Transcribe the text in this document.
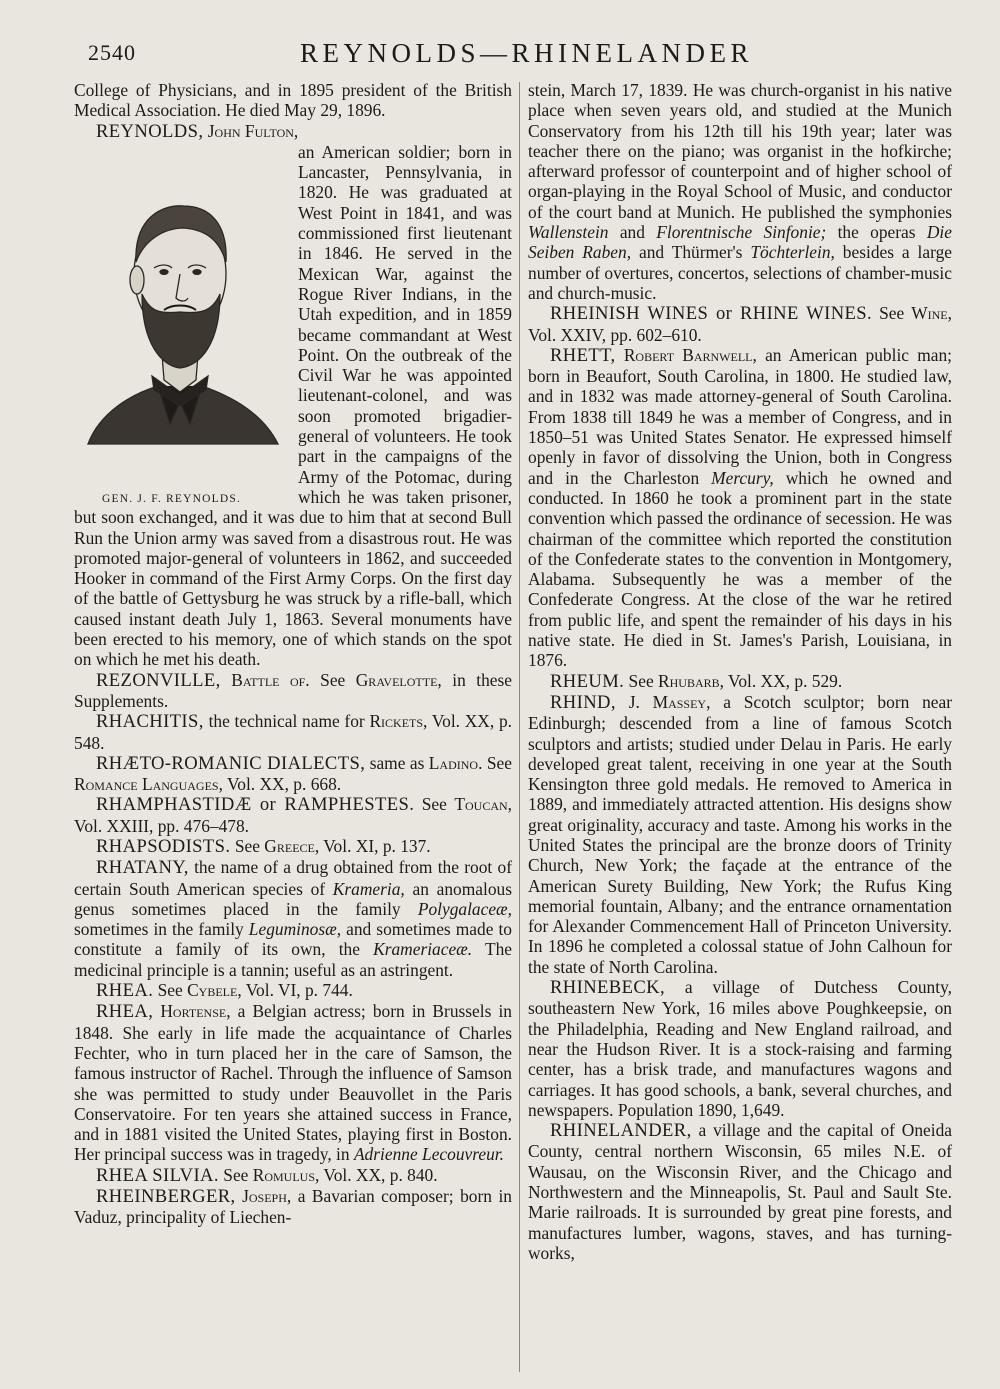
2540	REYNOLDS—RHINELANDER

College of Physicians, and in 1895 president of the British Medical Association. He died May 29, 1896.

REYNOLDS, John Fulton,

GEN. J. F. REYNOLDS.
an American soldier; born in Lancaster, Pennsylvania, in 1820. He was graduated at West Point in 1841, and was commissioned first lieutenant in 1846. He served in the Mexican War, against the Rogue River Indians, in the Utah expedition, and in 1859 became commandant at West Point. On the outbreak of the Civil War he was appointed lieutenant-colonel, and was soon promoted brigadier-general of volunteers. He took part in the campaigns of the Army of the Potomac, during which he was taken prisoner, but soon exchanged, and it was due to him that at second Bull Run the Union army was saved from a disastrous rout. He was promoted major-general of volunteers in 1862, and succeeded Hooker in command of the First Army Corps. On the first day of the battle of Gettysburg he was struck by a rifle-ball, which caused instant death July 1, 1863. Several monuments have been erected to his memory, one of which stands on the spot on which he met his death.

REZONVILLE, Battle of. See Gravelotte, in these Supplements.

RHACHITIS, the technical name for Rickets, Vol. XX, p. 548.

RHÆTO-ROMANIC DIALECTS, same as Ladino. See Romance Languages, Vol. XX, p. 668.

RHAMPHASTIDÆ or RAMPHESTES. See Toucan, Vol. XXIII, pp. 476–478.

RHAPSODISTS. See Greece, Vol. XI, p. 137.

RHATANY, the name of a drug obtained from the root of certain South American species of Krameria, an anomalous genus sometimes placed in the family Polygalaceæ, sometimes in the family Leguminosæ, and sometimes made to constitute a family of its own, the Krameriaceæ. The medicinal principle is a tannin; useful as an astringent.

RHEA. See Cybele, Vol. VI, p. 744.

RHEA, Hortense, a Belgian actress; born in Brussels in 1848. She early in life made the acquaintance of Charles Fechter, who in turn placed her in the care of Samson, the famous instructor of Rachel. Through the influence of Samson she was permitted to study under Beauvollet in the Paris Conservatoire. For ten years she attained success in France, and in 1881 visited the United States, playing first in Boston. Her principal success was in tragedy, in Adrienne Lecouvreur.

RHEA SILVIA. See Romulus, Vol. XX, p. 840.

RHEINBERGER, Joseph, a Bavarian composer; born in Vaduz, principality of Liechen-

stein, March 17, 1839. He was church-organist in his native place when seven years old, and studied at the Munich Conservatory from his 12th till his 19th year; later was teacher there on the piano; was organist in the hofkirche; afterward professor of counterpoint and of higher school of organ-playing in the Royal School of Music, and conductor of the court band at Munich. He published the symphonies Wallenstein and Florentnische Sinfonie; the operas Die Seiben Raben, and Thürmer's Töchterlein, besides a large number of overtures, concertos, selections of chamber-music and church-music.

RHEINISH WINES or RHINE WINES. See Wine, Vol. XXIV, pp. 602–610.

RHETT, Robert Barnwell, an American public man; born in Beaufort, South Carolina, in 1800. He studied law, and in 1832 was made attorney-general of South Carolina. From 1838 till 1849 he was a member of Congress, and in 1850–51 was United States Senator. He expressed himself openly in favor of dissolving the Union, both in Congress and in the Charleston Mercury, which he owned and conducted. In 1860 he took a prominent part in the state convention which passed the ordinance of secession. He was chairman of the committee which reported the constitution of the Confederate states to the convention in Montgomery, Alabama. Subsequently he was a member of the Confederate Congress. At the close of the war he retired from public life, and spent the remainder of his days in his native state. He died in St. James's Parish, Louisiana, in 1876.

RHEUM. See Rhubarb, Vol. XX, p. 529.

RHIND, J. Massey, a Scotch sculptor; born near Edinburgh; descended from a line of famous Scotch sculptors and artists; studied under Delau in Paris. He early developed great talent, receiving in one year at the South Kensington three gold medals. He removed to America in 1889, and immediately attracted attention. His designs show great originality, accuracy and taste. Among his works in the United States the principal are the bronze doors of Trinity Church, New York; the façade at the entrance of the American Surety Building, New York; the Rufus King memorial fountain, Albany; and the entrance ornamentation for Alexander Commencement Hall of Princeton University. In 1896 he completed a colossal statue of John Calhoun for the state of North Carolina.

RHINEBECK, a village of Dutchess County, southeastern New York, 16 miles above Poughkeepsie, on the Philadelphia, Reading and New England railroad, and near the Hudson River. It is a stock-raising and farming center, has a brisk trade, and manufactures wagons and carriages. It has good schools, a bank, several churches, and newspapers. Population 1890, 1,649.

RHINELANDER, a village and the capital of Oneida County, central northern Wisconsin, 65 miles N.E. of Wausau, on the Wisconsin River, and the Chicago and Northwestern and the Minneapolis, St. Paul and Sault Ste. Marie railroads. It is surrounded by great pine forests, and manufactures lumber, wagons, staves, and has turning-works,
